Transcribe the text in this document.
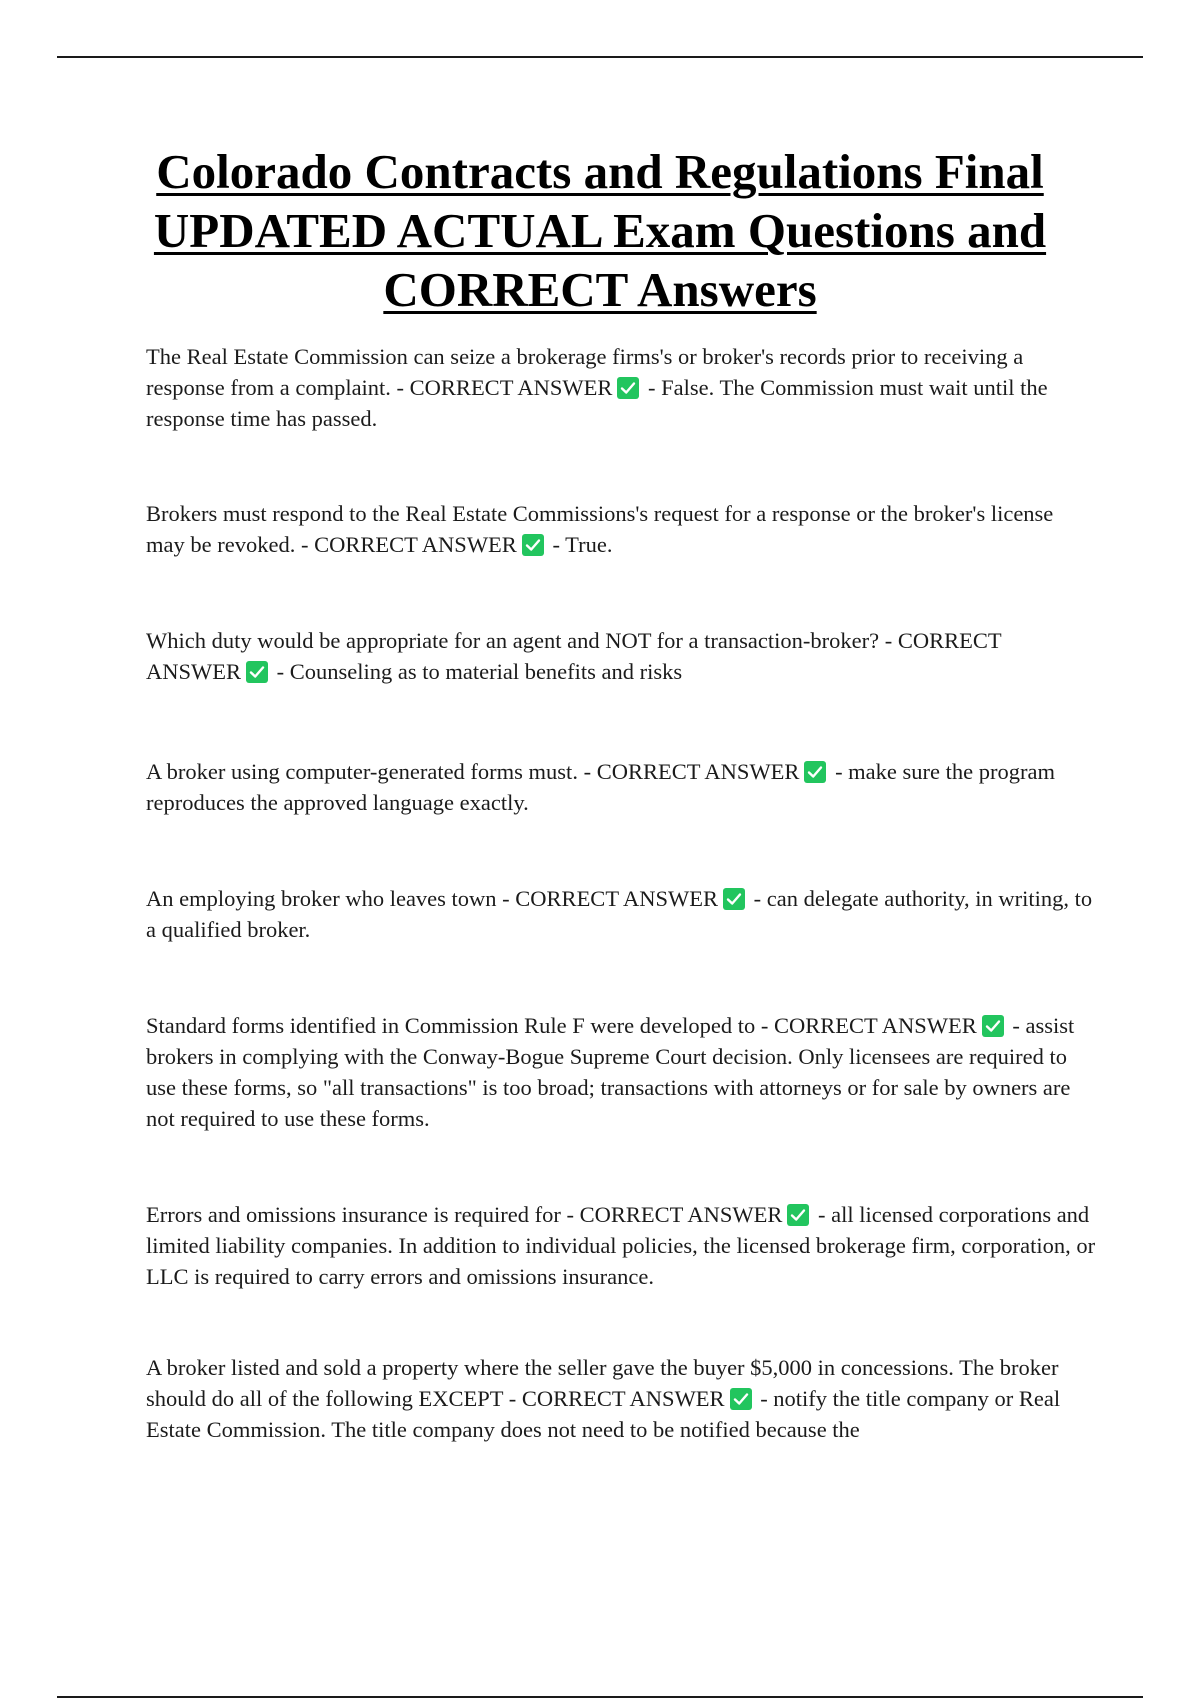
Colorado Contracts and Regulations Final UPDATED ACTUAL Exam Questions and CORRECT Answers

The Real Estate Commission can seize a brokerage firms's or broker's records prior to receiving a response from a complaint. - CORRECT ANSWER
- False. The Commission must wait until the response time has passed.

Brokers must respond to the Real Estate Commissions's request for a response or the broker's license may be revoked. - CORRECT ANSWER
- True.

Which duty would be appropriate for an agent and NOT for a transaction-broker? - CORRECT ANSWER
- Counseling as to material benefits and risks

A broker using computer-generated forms must. - CORRECT ANSWER
- make sure the program reproduces the approved language exactly.

An employing broker who leaves town - CORRECT ANSWER
- can delegate authority, in writing, to a qualified broker.

Standard forms identified in Commission Rule F were developed to - CORRECT ANSWER
- assist brokers in complying with the Conway-Bogue Supreme Court decision. Only licensees are required to use these forms, so "all transactions" is too broad; transactions with attorneys or for sale by owners are not required to use these forms.

Errors and omissions insurance is required for - CORRECT ANSWER
- all licensed corporations and limited liability companies. In addition to individual policies, the licensed brokerage firm, corporation, or LLC is required to carry errors and omissions insurance.

A broker listed and sold a property where the seller gave the buyer $5,000 in concessions. The broker should do all of the following EXCEPT - CORRECT ANSWER
- notify the title company or Real Estate Commission. The title company does not need to be notified because the
